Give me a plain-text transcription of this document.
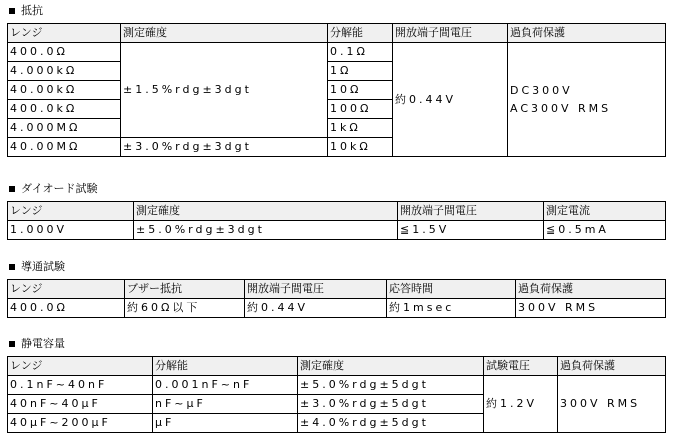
抵抗
レンジ	測定確度	分解能	開放端子間電圧	過負荷保護
400.0Ω	±1.5%rdg±3dgt	0.1Ω	約0.44V	DC300V
AC300V RMS

4.000kΩ		1Ω		
40.00kΩ		10Ω		
400.0kΩ		100Ω		
4.000MΩ		1kΩ		
40.00MΩ	±3.0%rdg±3dgt	10kΩ		
ダイオード試験
レンジ	測定確度	開放端子間電圧	測定電流
1.000V	±5.0%rdg±3dgt	≦1.5V	≦0.5mA
導通試験
レンジ	ブザー抵抗	開放端子間電圧	応答時間	過負荷保護
400.0Ω	約60Ω以下	約0.44V	約1msec	300V RMS
静電容量
レンジ	分解能	測定確度	試験電圧	過負荷保護
0.1nF~40nF	0.001nF~nF	±5.0%rdg±5dgt	約1.2V	300V RMS
40nF~40μF	nF~μF	±3.0%rdg±5dgt		
40μF~200μF	μF	±4.0%rdg±5dgt		
